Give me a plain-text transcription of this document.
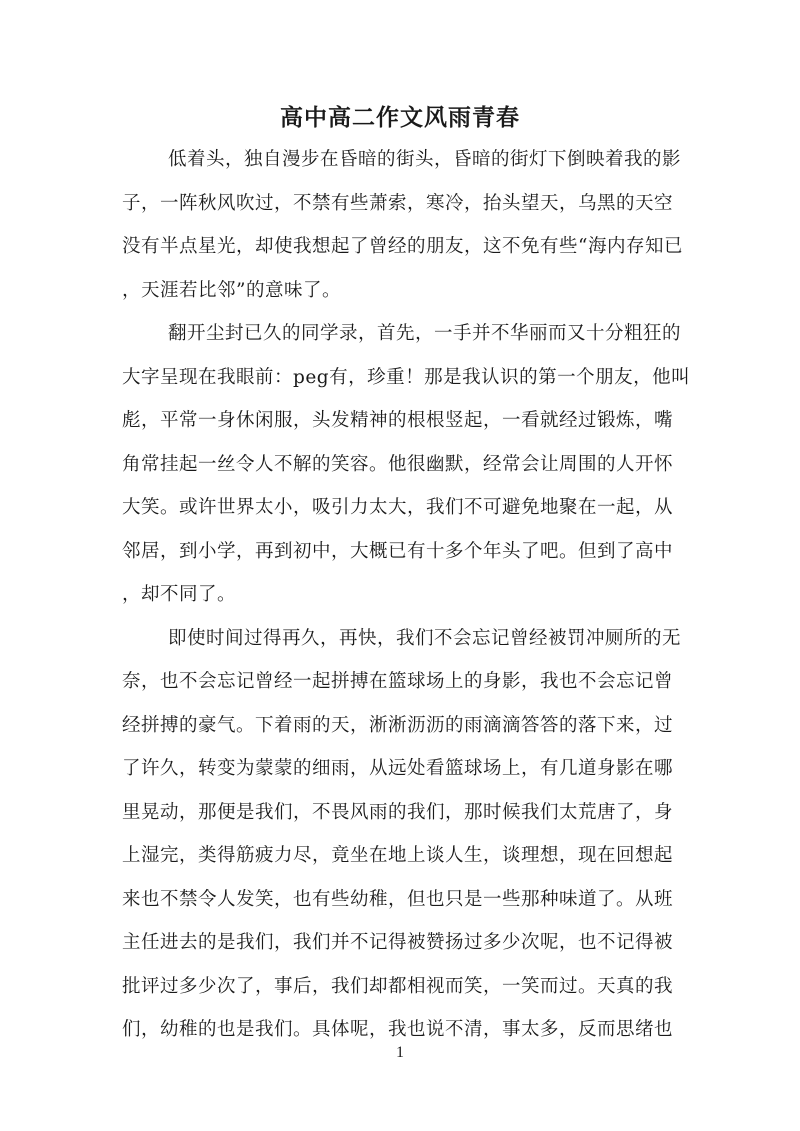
高中高二作文风雨青春
低着头，独自漫步在昏暗的街头，昏暗的街灯下倒映着我的影
子，一阵秋风吹过，不禁有些萧索，寒冷，抬头望天，乌黑的天空
没有半点星光，却使我想起了曾经的朋友，这不免有些“海内存知已
，天涯若比邻”的意味了。
翻开尘封已久的同学录，首先，一手并不华丽而又十分粗狂的
大字呈现在我眼前：peg有，珍重！那是我认识的第一个朋友，他叫
彪，平常一身休闲服，头发精神的根根竖起，一看就经过锻炼，嘴
角常挂起一丝令人不解的笑容。他很幽默，经常会让周围的人开怀
大笑。或许世界太小，吸引力太大，我们不可避免地聚在一起，从
邻居，到小学，再到初中，大概已有十多个年头了吧。但到了高中
，却不同了。
即使时间过得再久，再快，我们不会忘记曾经被罚冲厕所的无
奈，也不会忘记曾经一起拼搏在篮球场上的身影，我也不会忘记曾
经拼搏的豪气。下着雨的天，淅淅沥沥的雨滴滴答答的落下来，过
了许久，转变为蒙蒙的细雨，从远处看篮球场上，有几道身影在哪
里晃动，那便是我们，不畏风雨的我们，那时候我们太荒唐了，身
上湿完，类得筋疲力尽，竟坐在地上谈人生，谈理想，现在回想起
来也不禁令人发笑，也有些幼稚，但也只是一些那种味道了。从班
主任进去的是我们，我们并不记得被赞扬过多少次呢，也不记得被
批评过多少次了，事后，我们却都相视而笑，一笑而过。天真的我
1
们，幼稚的也是我们。具体呢，我也说不清，事太多，反而思绪也
